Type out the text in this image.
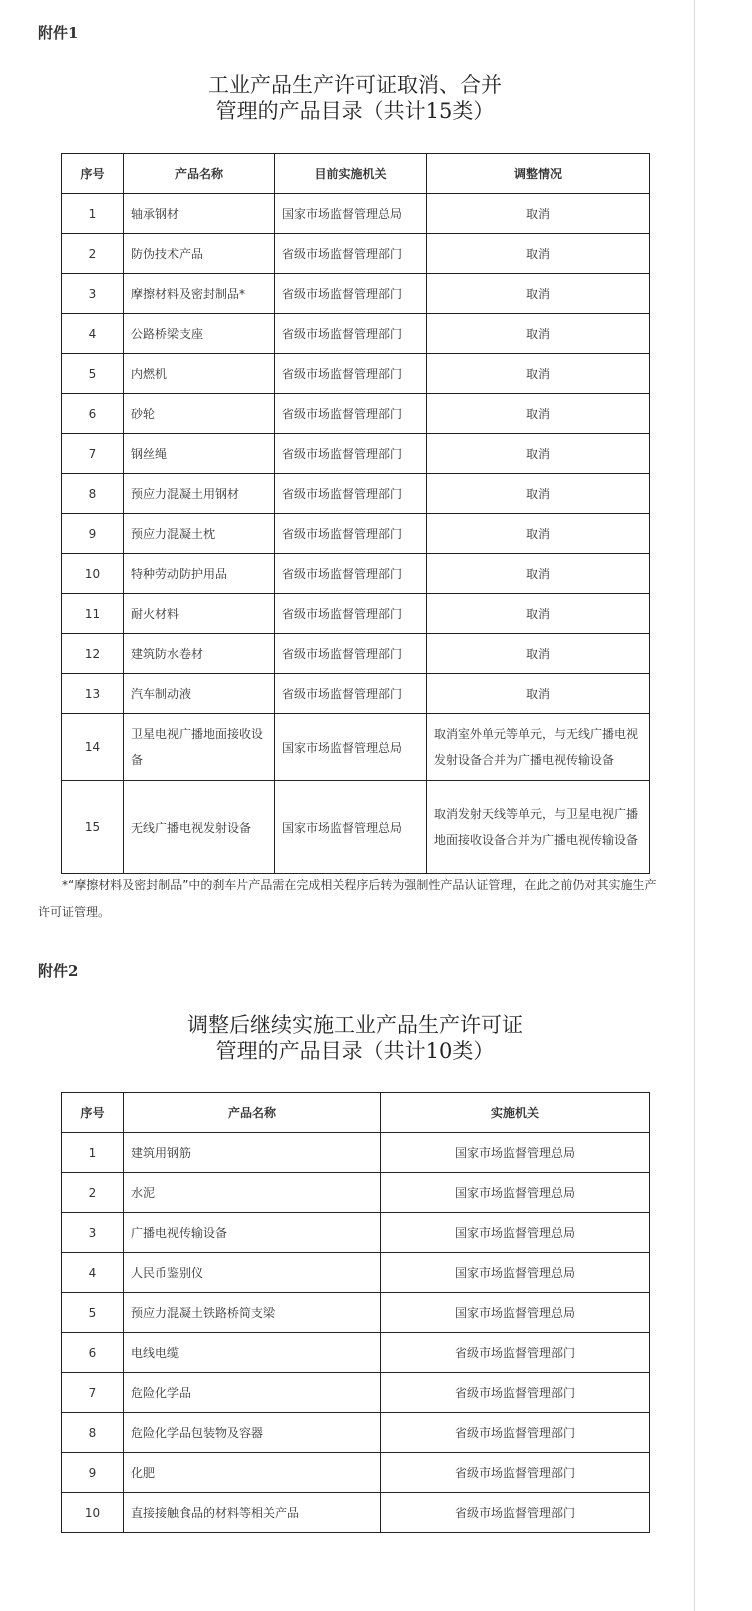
附件1
工业产品生产许可证取消、合并
管理的产品目录（共计15类）
序号	产品名称	目前实施机关	调整情况
1	轴承钢材	国家市场监督管理总局	取消
2	防伪技术产品	省级市场监督管理部门	取消
3	摩擦材料及密封制品*	省级市场监督管理部门	取消
4	公路桥梁支座	省级市场监督管理部门	取消
5	内燃机	省级市场监督管理部门	取消
6	砂轮	省级市场监督管理部门	取消
7	钢丝绳	省级市场监督管理部门	取消
8	预应力混凝土用钢材	省级市场监督管理部门	取消
9	预应力混凝土枕	省级市场监督管理部门	取消
10	特种劳动防护用品	省级市场监督管理部门	取消
11	耐火材料	省级市场监督管理部门	取消
12	建筑防水卷材	省级市场监督管理部门	取消
13	汽车制动液	省级市场监督管理部门	取消
14	卫星电视广播地面接收设备	国家市场监督管理总局	取消室外单元等单元，与无线广播电视发射设备合并为广播电视传输设备
15	无线广播电视发射设备	国家市场监督管理总局	取消发射天线等单元，与卫星电视广播地面接收设备合并为广播电视传输设备
*“摩擦材料及密封制品”中的刹车片产品需在完成相关程序后转为强制性产品认证管理，在此之前仍对其实施生产许可证管理。
附件2
调整后继续实施工业产品生产许可证
管理的产品目录（共计10类）
序号	产品名称	实施机关
1	建筑用钢筋	国家市场监督管理总局
2	水泥	国家市场监督管理总局
3	广播电视传输设备	国家市场监督管理总局
4	人民币鉴别仪	国家市场监督管理总局
5	预应力混凝土铁路桥简支梁	国家市场监督管理总局
6	电线电缆	省级市场监督管理部门
7	危险化学品	省级市场监督管理部门
8	危险化学品包装物及容器	省级市场监督管理部门
9	化肥	省级市场监督管理部门
10	直接接触食品的材料等相关产品	省级市场监督管理部门
